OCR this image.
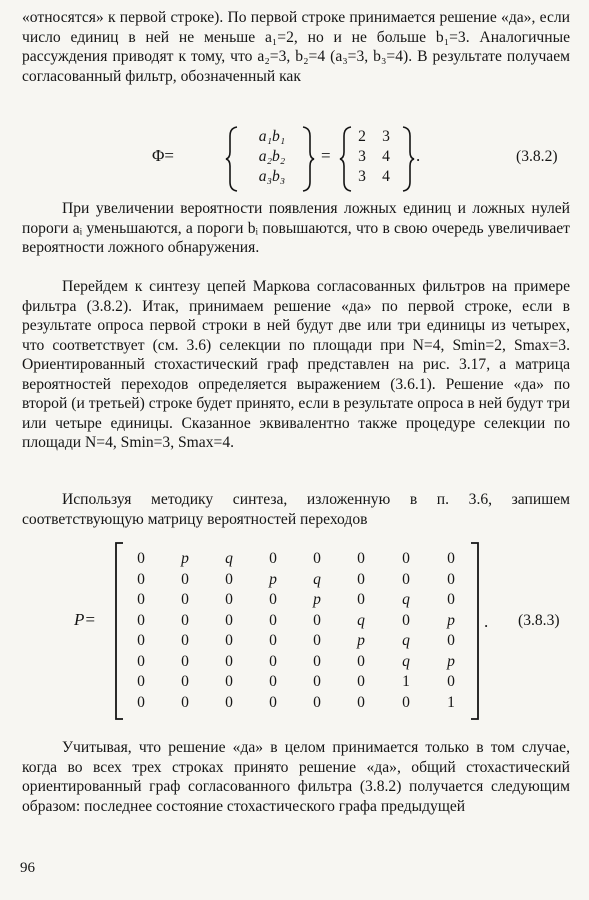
«относятся» к первой строке). По первой строке принимается решение «да», если число единиц в ней не меньше a₁=2, но и не больше b₁=3. Аналогичные рассуждения приводят к тому, что a₂=3, b₂=4 (a₃=3, b₃=4). В результате получаем согласованный фильтр, обозначенный как

Φ=
a₁b₁
a₂b₂
a₃b₃
=
2	3
3	4
3	4
.	(3.8.2)

При увеличении вероятности появления ложных единиц и ложных нулей пороги aᵢ уменьшаются, а пороги bᵢ повышаются, что в свою очередь увеличивает вероятности ложного обнаружения.

Перейдем к синтезу цепей Маркова согласованных фильтров на примере фильтра (3.8.2). Итак, принимаем решение «да» по первой строке, если в результате опроса первой строки в ней будут две или три единицы из четырех, что соответствует (см. 3.6) селекции по площади при N=4, Smin=2, Smax=3. Ориентированный стохастический граф представлен на рис. 3.17, а матрица вероятностей переходов определяется выражением (3.6.1). Решение «да» по второй (и третьей) строке будет принято, если в результате опроса в ней будут три или четыре единицы. Сказанное эквивалентно также процедуре селекции по площади N=4, Smin=3, Smax=4.

Используя методику синтеза, изложенную в п. 3.6, запишем соответствующую матрицу вероятностей переходов

P=
0	p	q	0	0	0	0	0
0	0	0	p	q	0	0	0
0	0	0	0	p	0	q	0
0	0	0	0	0	q	0	p
0	0	0	0	0	p	q	0
0	0	0	0	0	0	q	p
0	0	0	0	0	0	1	0
0	0	0	0	0	0	0	1
. (3.8.3)

Учитывая, что решение «да» в целом принимается только в том случае, когда во всех трех строках принято решение «да», общий стохастический ориентированный граф согласованного фильтра (3.8.2) получается следующим образом: последнее состояние стохастического графа предыдущей

96
